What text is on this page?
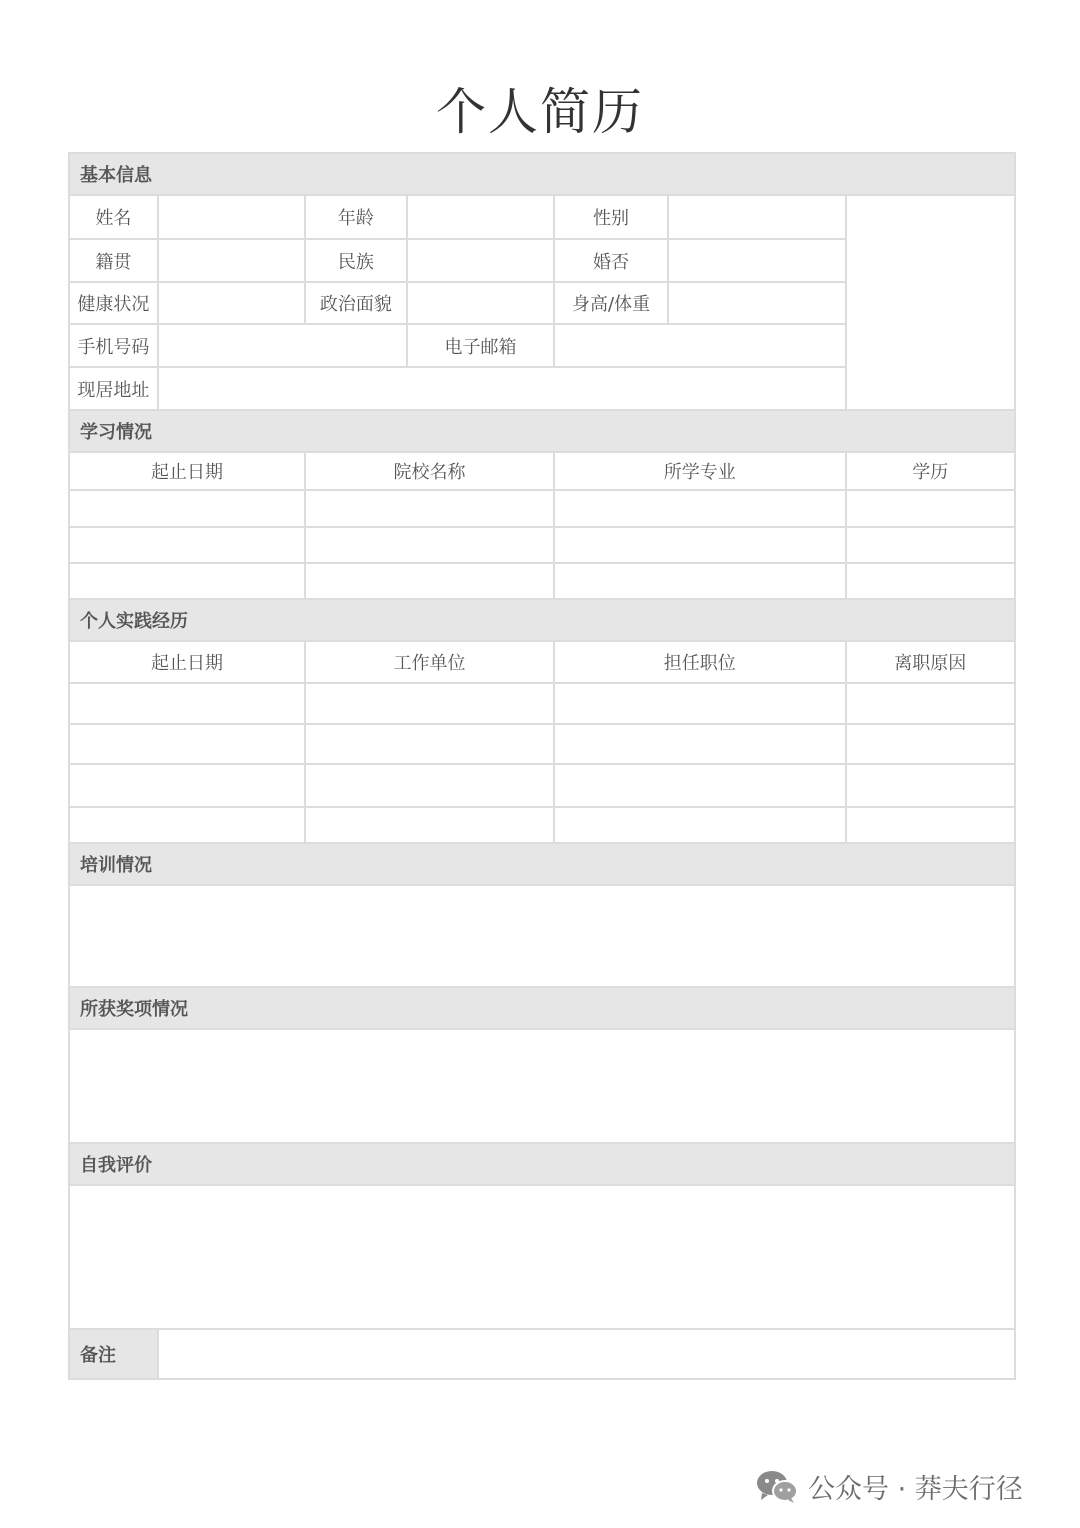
个人简历
基本信息						
姓名		年龄		性别		
籍贯		民族		婚否		
健康状况		政治面貌		身高/体重		
手机号码			电子邮箱			
现居地址						
学习情况						
起止日期		院校名称		所学专业		学历

个人实践经历						
起止日期		工作单位		担任职位		离职原因

培训情况						

所获奖项情况						

自我评价						

备注						
公众号 · 莽夫行径
